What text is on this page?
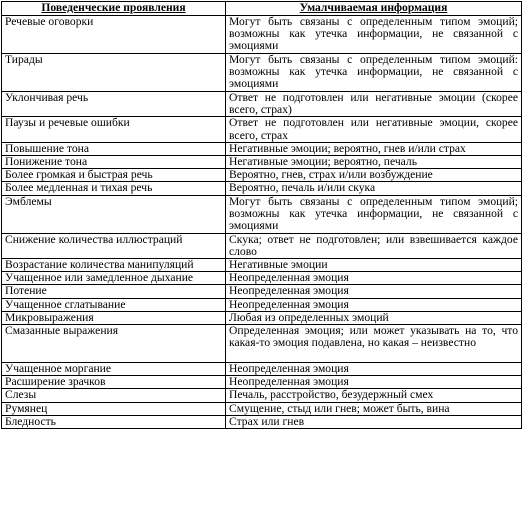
Поведенческие проявления	Умалчиваемая информация
Речевые оговорки	Могут быть связаны с определенным типом эмоций; возможны как утечка информации, не связанной с эмоциями
Тирады	Могут быть связаны с определенным типом эмоций: возможны как утечка информации, не связанной с эмоциями
Уклончивая речь	Ответ не подготовлен или негативные эмоции (скорее всего, страх)
Паузы и речевые ошибки	Ответ не подготовлен или негативные эмоции, скорее всего, страх
Повышение тона	Негативные эмоции; вероятно, гнев и/или страх
Понижение тона	Негативные эмоции; вероятно, печаль
Более громкая и быстрая речь	Вероятно, гнев, страх и/или возбуждение
Более медленная и тихая речь	Вероятно, печаль и/или скука
Эмблемы	Могут быть связаны с определенным типом эмоций; возможны как утечка информации, не связанной с эмоциями
Снижение количества иллюстраций	Скука; ответ не подготовлен; или взвешивается каждое слово
Возрастание количества манипуляций	Негативные эмоции
Учащенное или замедленное дыхание	Неопределенная эмоция
Потение	Неопределенная эмоция
Учащенное сглатывание	Неопределенная эмоция
Микровыражения	Любая из определенных эмоций
Смазанные выражения	Определенная эмоция; или может указывать на то, что какая-то эмоция подавлена, но какая – неизвестно
Учащенное моргание	Неопределенная эмоция
Расширение зрачков	Неопределенная эмоция
Слезы	Печаль, расстройство, безудержный смех
Румянец	Смущение, стыд или гнев; может быть, вина
Бледность	Страх или гнев
